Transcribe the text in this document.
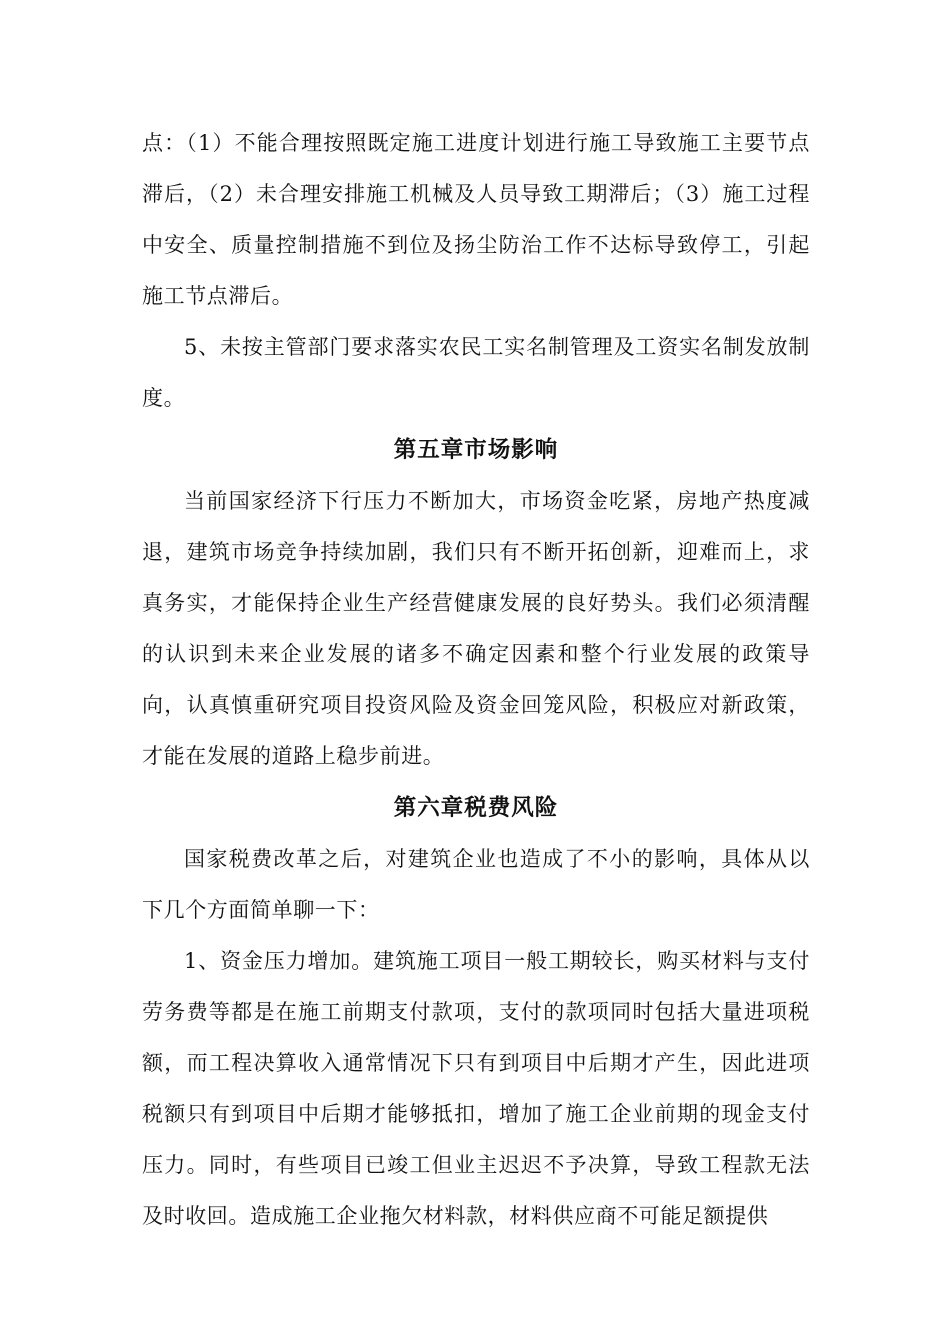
点：（1）不能合理按照既定施工进度计划进行施工导致施工主要节点滞后，（2）未合理安排施工机械及人员导致工期滞后；（3）施工过程中安全、质量控制措施不到位及扬尘防治工作不达标导致停工，引起施工节点滞后。

5、未按主管部门要求落实农民工实名制管理及工资实名制发放制度。

第五章市场影响

当前国家经济下行压力不断加大，市场资金吃紧，房地产热度减退，建筑市场竞争持续加剧，我们只有不断开拓创新，迎难而上，求真务实，才能保持企业生产经营健康发展的良好势头。我们必须清醒的认识到未来企业发展的诸多不确定因素和整个行业发展的政策导向，认真慎重研究项目投资风险及资金回笼风险，积极应对新政策，才能在发展的道路上稳步前进。

第六章税费风险

国家税费改革之后，对建筑企业也造成了不小的影响，具体从以下几个方面简单聊一下：

1、资金压力增加。建筑施工项目一般工期较长，购买材料与支付劳务费等都是在施工前期支付款项，支付的款项同时包括大量进项税额，而工程决算收入通常情况下只有到项目中后期才产生，因此进项税额只有到项目中后期才能够抵扣，增加了施工企业前期的现金支付压力。同时，有些项目已竣工但业主迟迟不予决算，导致工程款无法及时收回。造成施工企业拖欠材料款，材料供应商不可能足额提供
